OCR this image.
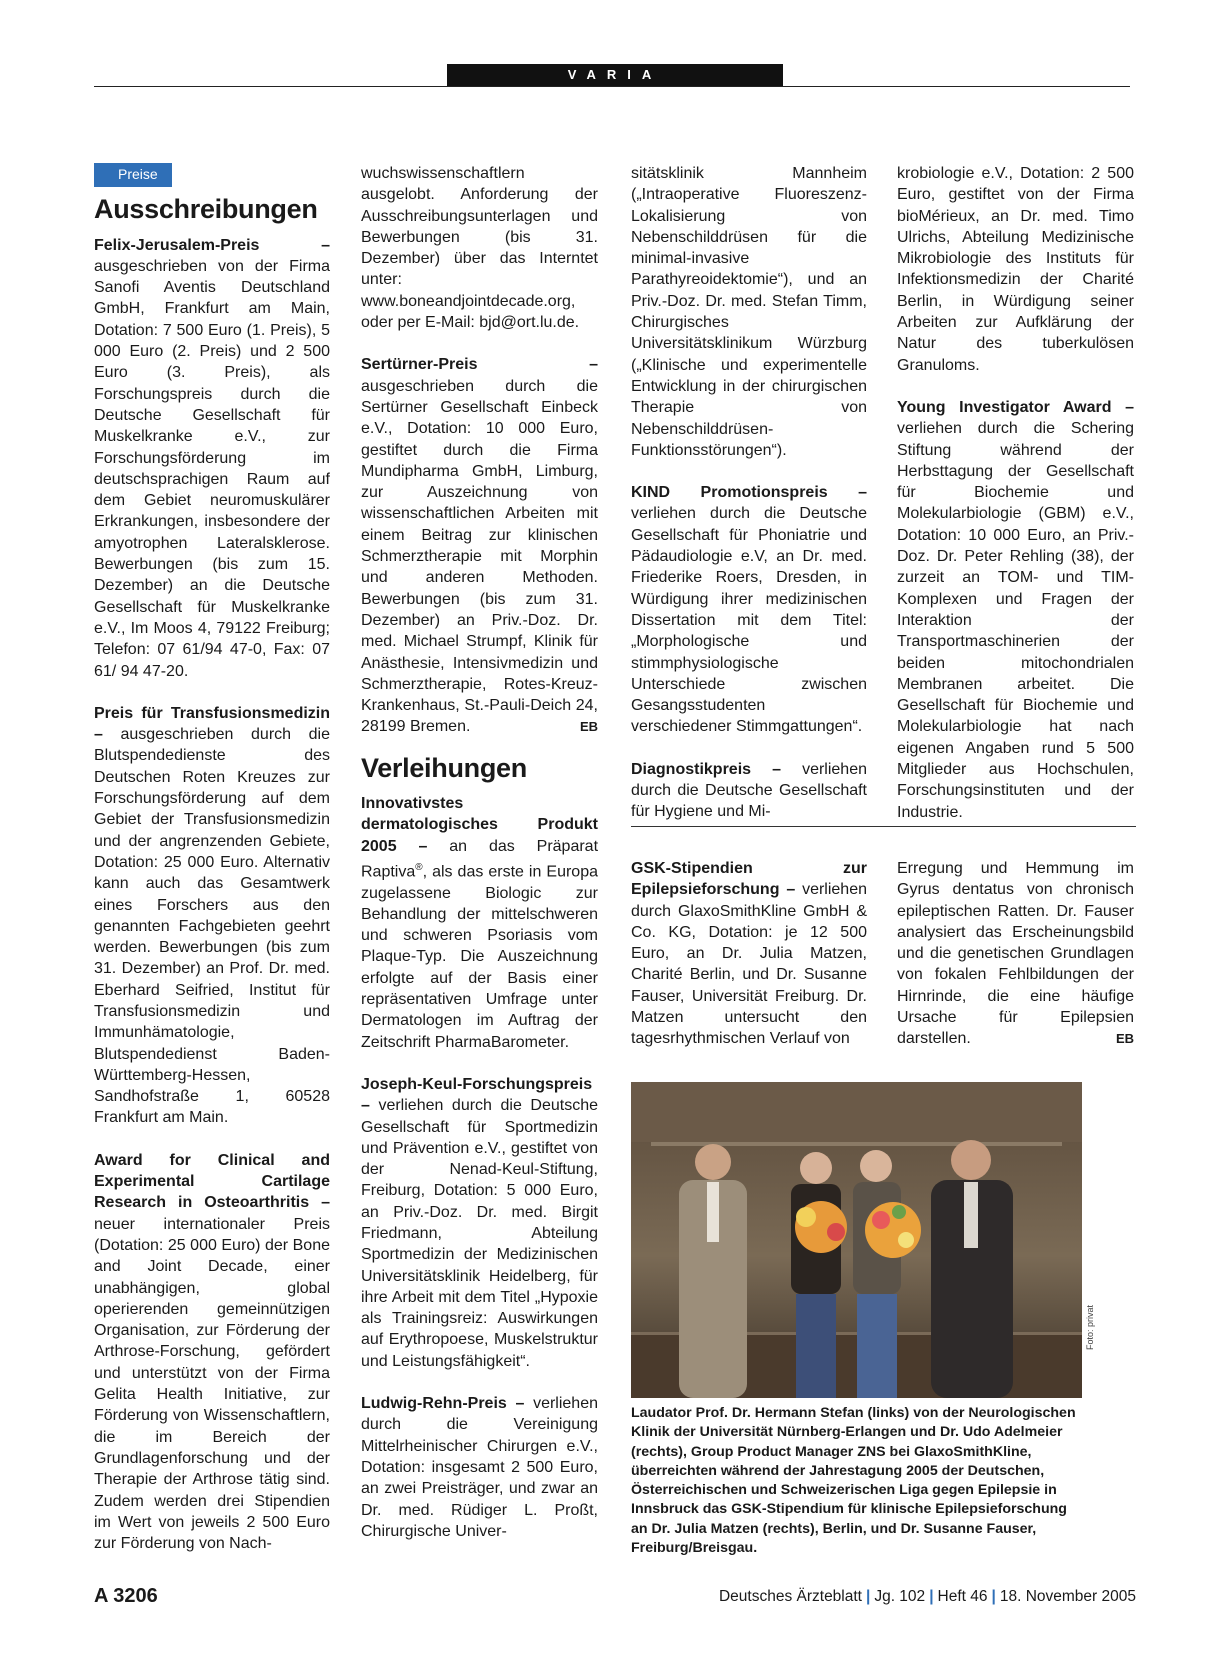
VARIA
Preise
Ausschreibungen

Felix-Jerusalem-Preis – ausgeschrieben von der Firma Sanofi Aventis Deutschland GmbH, Frankfurt am Main, Dotation: 7 500 Euro (1. Preis), 5 000 Euro (2. Preis) und 2 500 Euro (3. Preis), als Forschungspreis durch die Deutsche Gesellschaft für Muskelkranke e.V., zur Forschungsförderung im deutschsprachigen Raum auf dem Gebiet neuromuskulärer Erkrankungen, insbesondere der amyotrophen Lateralsklerose. Bewerbungen (bis zum 15. Dezember) an die Deutsche Gesellschaft für Muskelkranke e.V., Im Moos 4, 79122 Freiburg; Telefon: 07 61/94 47-0, Fax: 07 61/ 94 47-20.

Preis für Transfusionsmedizin – ausgeschrieben durch die Blutspendedienste des Deutschen Roten Kreuzes zur Forschungsförderung auf dem Gebiet der Transfusionsmedizin und der angrenzenden Gebiete, Dotation: 25 000 Euro. Alternativ kann auch das Gesamtwerk eines Forschers aus den genannten Fachgebieten geehrt werden. Bewerbungen (bis zum 31. Dezember) an Prof. Dr. med. Eberhard Seifried, Institut für Transfusionsmedizin und Immunhämatologie, Blutspendedienst Baden-Württemberg-Hessen, Sandhofstraße 1, 60528 Frankfurt am Main.

Award for Clinical and Experimental Cartilage Research in Osteoarthritis – neuer internationaler Preis (Dotation: 25 000 Euro) der Bone and Joint Decade, einer unabhängigen, global operierenden gemeinnützigen Organisation, zur Förderung der Arthrose-Forschung, gefördert und unterstützt von der Firma Gelita Health Initiative, zur Förderung von Wissenschaftlern, die im Bereich der Grundlagenforschung und der Therapie der Arthrose tätig sind. Zudem werden drei Stipendien im Wert von jeweils 2 500 Euro zur Förderung von Nach-

wuchswissenschaftlern ausgelobt. Anforderung der Ausschreibungsunterlagen und Bewerbungen (bis 31. Dezember) über das Interntet unter: www.boneandjointdecade.org, oder per E-Mail: bjd@ort.lu.de.

Sertürner-Preis – ausgeschrieben durch die Sertürner Gesellschaft Einbeck e.V., Dotation: 10 000 Euro, gestiftet durch die Firma Mundipharma GmbH, Limburg, zur Auszeichnung von wissenschaftlichen Arbeiten mit einem Beitrag zur klinischen Schmerztherapie mit Morphin und anderen Methoden. Bewerbungen (bis zum 31. Dezember) an Priv.-Doz. Dr. med. Michael Strumpf, Klinik für Anästhesie, Intensivmedizin und Schmerztherapie, Rotes-Kreuz-Krankenhaus, St.-Pauli-Deich 24, 28199 Bremen.	EB

Verleihungen

Innovativstes dermatologisches Produkt 2005 – an das Präparat Raptiva®, als das erste in Europa zugelassene Biologic zur Behandlung der mittelschweren und schweren Psoriasis vom Plaque-Typ. Die Auszeichnung erfolgte auf der Basis einer repräsentativen Umfrage unter Dermatologen im Auftrag der Zeitschrift PharmaBarometer.

Joseph-Keul-Forschungspreis – verliehen durch die Deutsche Gesellschaft für Sportmedizin und Prävention e.V., gestiftet von der Nenad-Keul-Stiftung, Freiburg, Dotation: 5 000 Euro, an Priv.-Doz. Dr. med. Birgit Friedmann, Abteilung Sportmedizin der Medizinischen Universitätsklinik Heidelberg, für ihre Arbeit mit dem Titel „Hypoxie als Trainingsreiz: Auswirkungen auf Erythropoese, Muskelstruktur und Leistungsfähigkeit“.

Ludwig-Rehn-Preis – verliehen durch die Vereinigung Mittelrheinischer Chirurgen e.V., Dotation: insgesamt 2 500 Euro, an zwei Preisträger, und zwar an Dr. med. Rüdiger L. Proßt, Chirurgische Univer-

sitätsklinik Mannheim („Intraoperative Fluoreszenz-Lokalisierung von Nebenschilddrüsen für die minimal-invasive Parathyreoidektomie“), und an Priv.-Doz. Dr. med. Stefan Timm, Chirurgisches Universitätsklinikum Würzburg („Klinische und experimentelle Entwicklung in der chirurgischen Therapie von Nebenschilddrüsen-Funktionsstörungen“).

KIND Promotionspreis – verliehen durch die Deutsche Gesellschaft für Phoniatrie und Pädaudiologie e.V, an Dr. med. Friederike Roers, Dresden, in Würdigung ihrer medizinischen Dissertation mit dem Titel: „Morphologische und stimmphysiologische Unterschiede zwischen Gesangsstudenten verschiedener Stimmgattungen“.

Diagnostikpreis – verliehen durch die Deutsche Gesellschaft für Hygiene und Mi-

krobiologie e.V., Dotation: 2 500 Euro, gestiftet von der Firma bioMérieux, an Dr. med. Timo Ulrichs, Abteilung Medizinische Mikrobiologie des Instituts für Infektionsmedizin der Charité Berlin, in Würdigung seiner Arbeiten zur Aufklärung der Natur des tuberkulösen Granuloms.

Young Investigator Award – verliehen durch die Schering Stiftung während der Herbsttagung der Gesellschaft für Biochemie und Molekularbiologie (GBM) e.V., Dotation: 10 000 Euro, an Priv.-Doz. Dr. Peter Rehling (38), der zurzeit an TOM- und TIM-Komplexen und Fragen der Interaktion der Transportmaschinerien der beiden mitochondrialen Membranen arbeitet. Die Gesellschaft für Biochemie und Molekularbiologie hat nach eigenen Angaben rund 5 500 Mitglieder aus Hochschulen, Forschungsinstituten und der Industrie.

GSK-Stipendien zur Epilepsieforschung – verliehen durch GlaxoSmithKline GmbH & Co. KG, Dotation: je 12 500 Euro, an Dr. Julia Matzen, Charité Berlin, und Dr. Susanne Fauser, Universität Freiburg. Dr. Matzen untersucht den tagesrhythmischen Verlauf von

Erregung und Hemmung im Gyrus dentatus von chronisch epileptischen Ratten. Dr. Fauser analysiert das Erscheinungsbild und die genetischen Grundlagen von fokalen Fehlbildungen der Hirnrinde, die eine häufige Ursache für Epilepsien darstellen.	EB

Foto: privat
Laudator Prof. Dr. Hermann Stefan (links) von der Neurologischen Klinik der Universität Nürnberg-Erlangen und Dr. Udo Adelmeier (rechts), Group Product Manager ZNS bei GlaxoSmithKline, überreichten während der Jahrestagung 2005 der Deutschen, Österreichischen und Schweizerischen Liga gegen Epilepsie in Innsbruck das GSK-Stipendium für klinische Epilepsieforschung an Dr. Julia Matzen (rechts), Berlin, und Dr. Susanne Fauser, Freiburg/Breisgau.
A 3206	Deutsches Ärzteblatt | Jg. 102 | Heft 46 | 18. November 2005
